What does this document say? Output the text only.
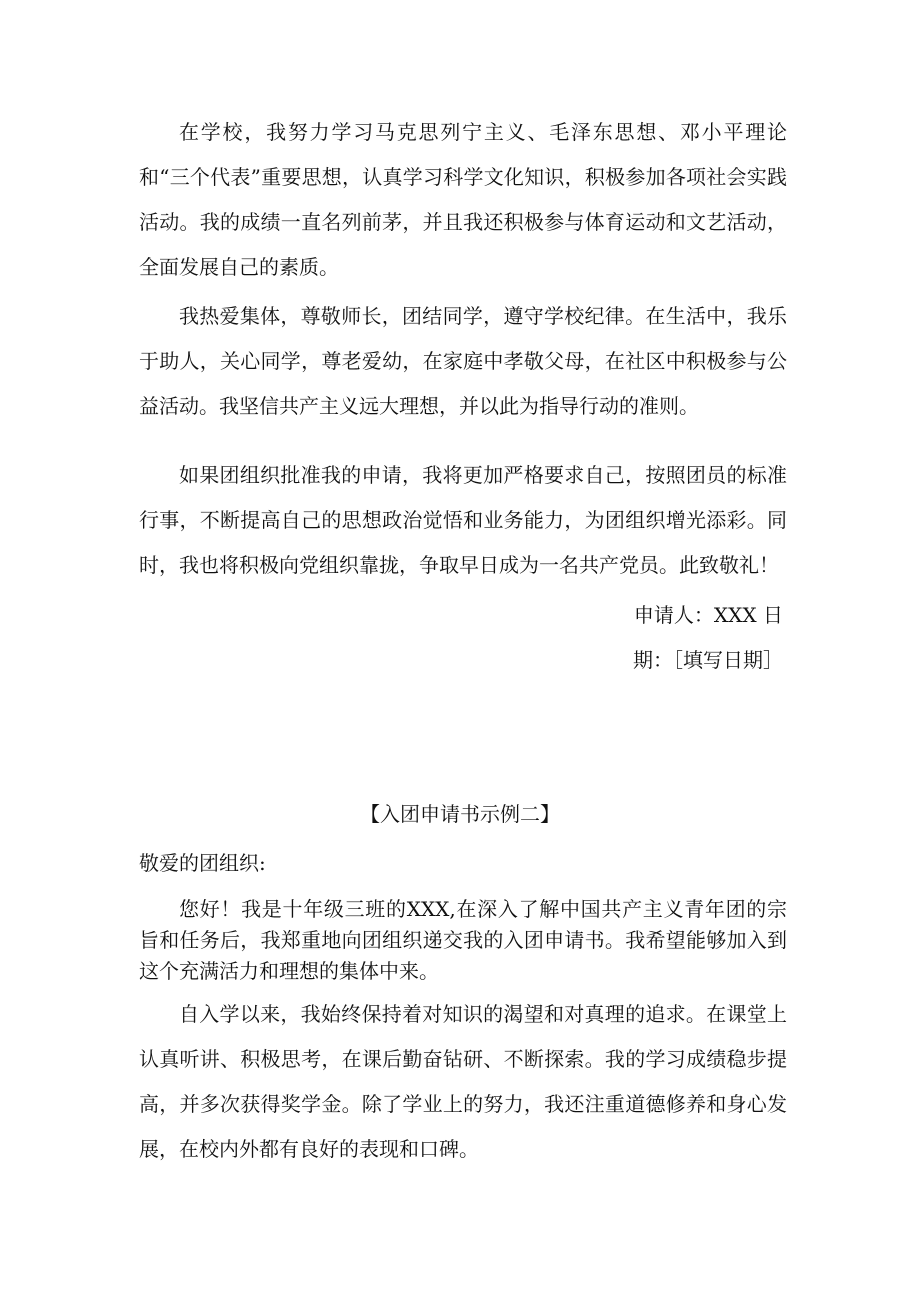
在学校，我努力学习马克思列宁主义、毛泽东思想、邓小平理论和“三个代表”重要思想，认真学习科学文化知识，积极参加各项社会实践活动。我的成绩一直名列前茅，并且我还积极参与体育运动和文艺活动，全面发展自己的素质。

我热爱集体，尊敬师长，团结同学，遵守学校纪律。在生活中，我乐于助人，关心同学，尊老爱幼，在家庭中孝敬父母，在社区中积极参与公益活动。我坚信共产主义远大理想，并以此为指导行动的准则。

如果团组织批准我的申请，我将更加严格要求自己，按照团员的标准行事，不断提高自己的思想政治觉悟和业务能力，为团组织增光添彩。同时，我也将积极向党组织靠拢，争取早日成为一名共产党员。此致敬礼！

申请人：XXX 日

期：［填写日期］

【入团申请书示例二】

敬爱的团组织:

您好！我是十年级三班的XXX,在深入了解中国共产主义青年团的宗旨和任务后，我郑重地向团组织递交我的入团申请书。我希望能够加入到这个充满活力和理想的集体中来。

自入学以来，我始终保持着对知识的渴望和对真理的追求。在课堂上认真听讲、积极思考，在课后勤奋钻研、不断探索。我的学习成绩稳步提高，并多次获得奖学金。除了学业上的努力，我还注重道德修养和身心发展，在校内外都有良好的表现和口碑。
